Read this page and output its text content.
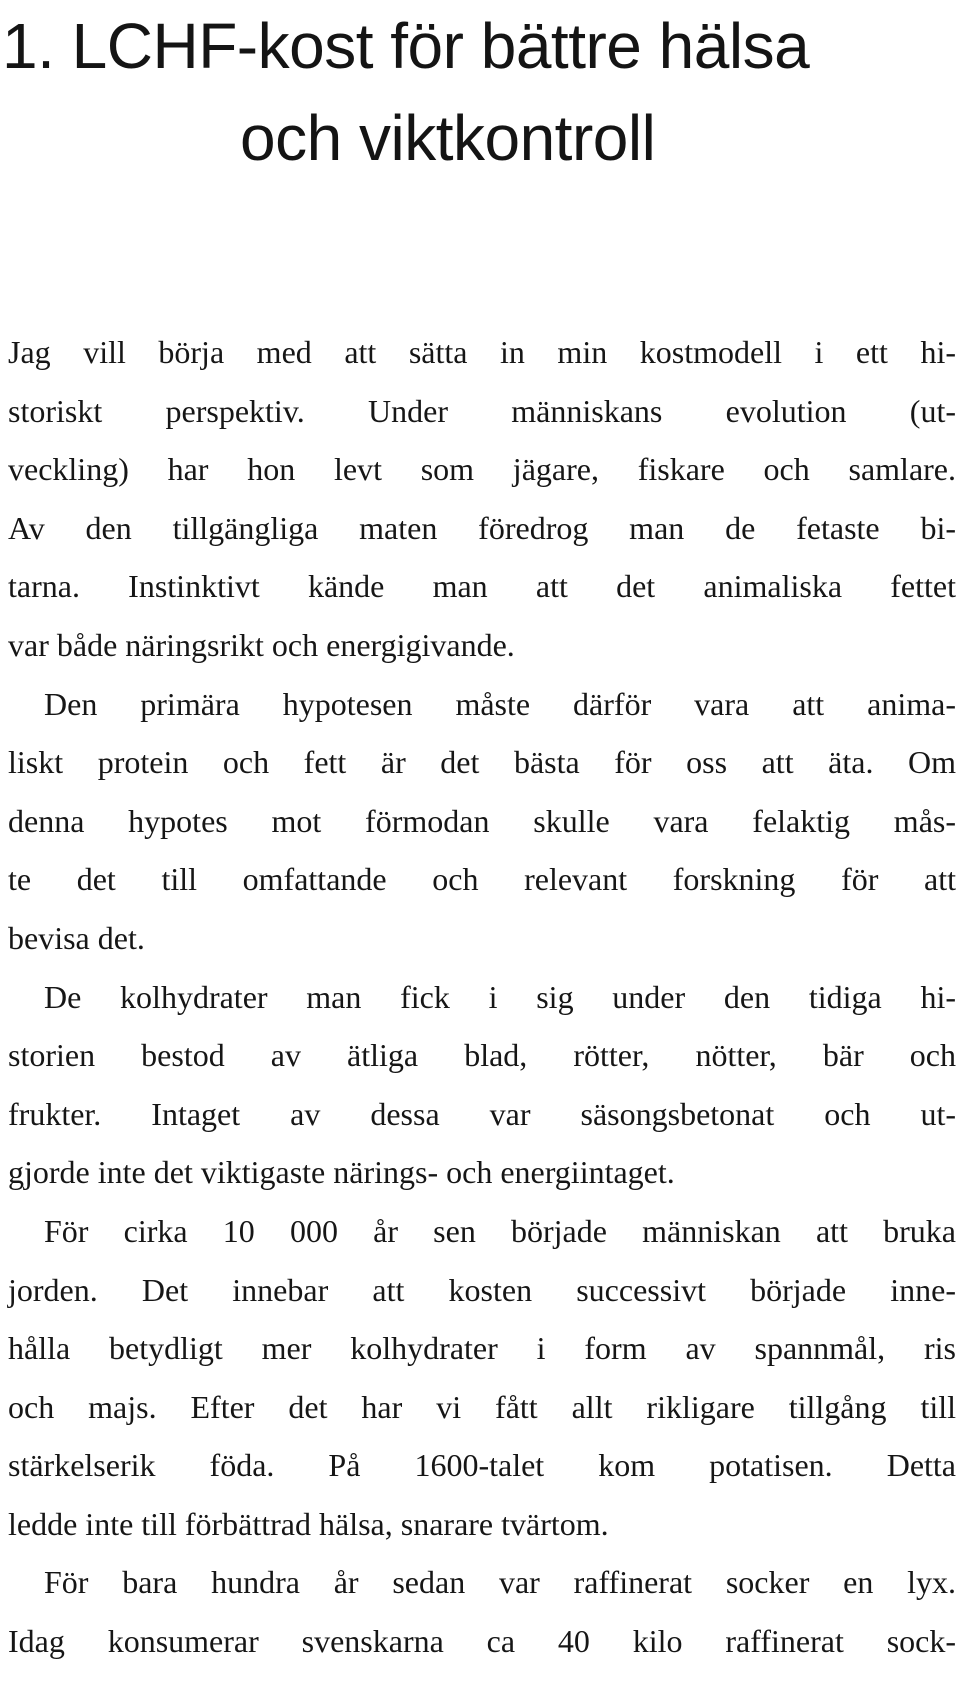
1. LCHF-kost för bättre hälsa
och viktkontroll
Jag vill börja med att sätta in min kostmodell i ett hi-
storiskt perspektiv. Under människans evolution (ut-
veckling) har hon levt som jägare, fiskare och samlare.
Av den tillgängliga maten föredrog man de fetaste bi-
tarna. Instinktivt kände man att det animaliska fettet
var både näringsrikt och energigivande.
Den primära hypotesen måste därför vara att anima-
liskt protein och fett är det bästa för oss att äta. Om
denna hypotes mot förmodan skulle vara felaktig mås-
te det till omfattande och relevant forskning för att
bevisa det.
De kolhydrater man fick i sig under den tidiga hi-
storien bestod av ätliga blad, rötter, nötter, bär och
frukter. Intaget av dessa var säsongsbetonat och ut-
gjorde inte det viktigaste närings- och energiintaget.
För cirka 10 000 år sen började människan att bruka
jorden. Det innebar att kosten successivt började inne-
hålla betydligt mer kolhydrater i form av spannmål, ris
och majs. Efter det har vi fått allt rikligare tillgång till
stärkelserik föda. På 1600-talet kom potatisen. Detta
ledde inte till förbättrad hälsa, snarare tvärtom.
För bara hundra år sedan var raffinerat socker en lyx.
Idag konsumerar svenskarna ca 40 kilo raffinerat sock-
